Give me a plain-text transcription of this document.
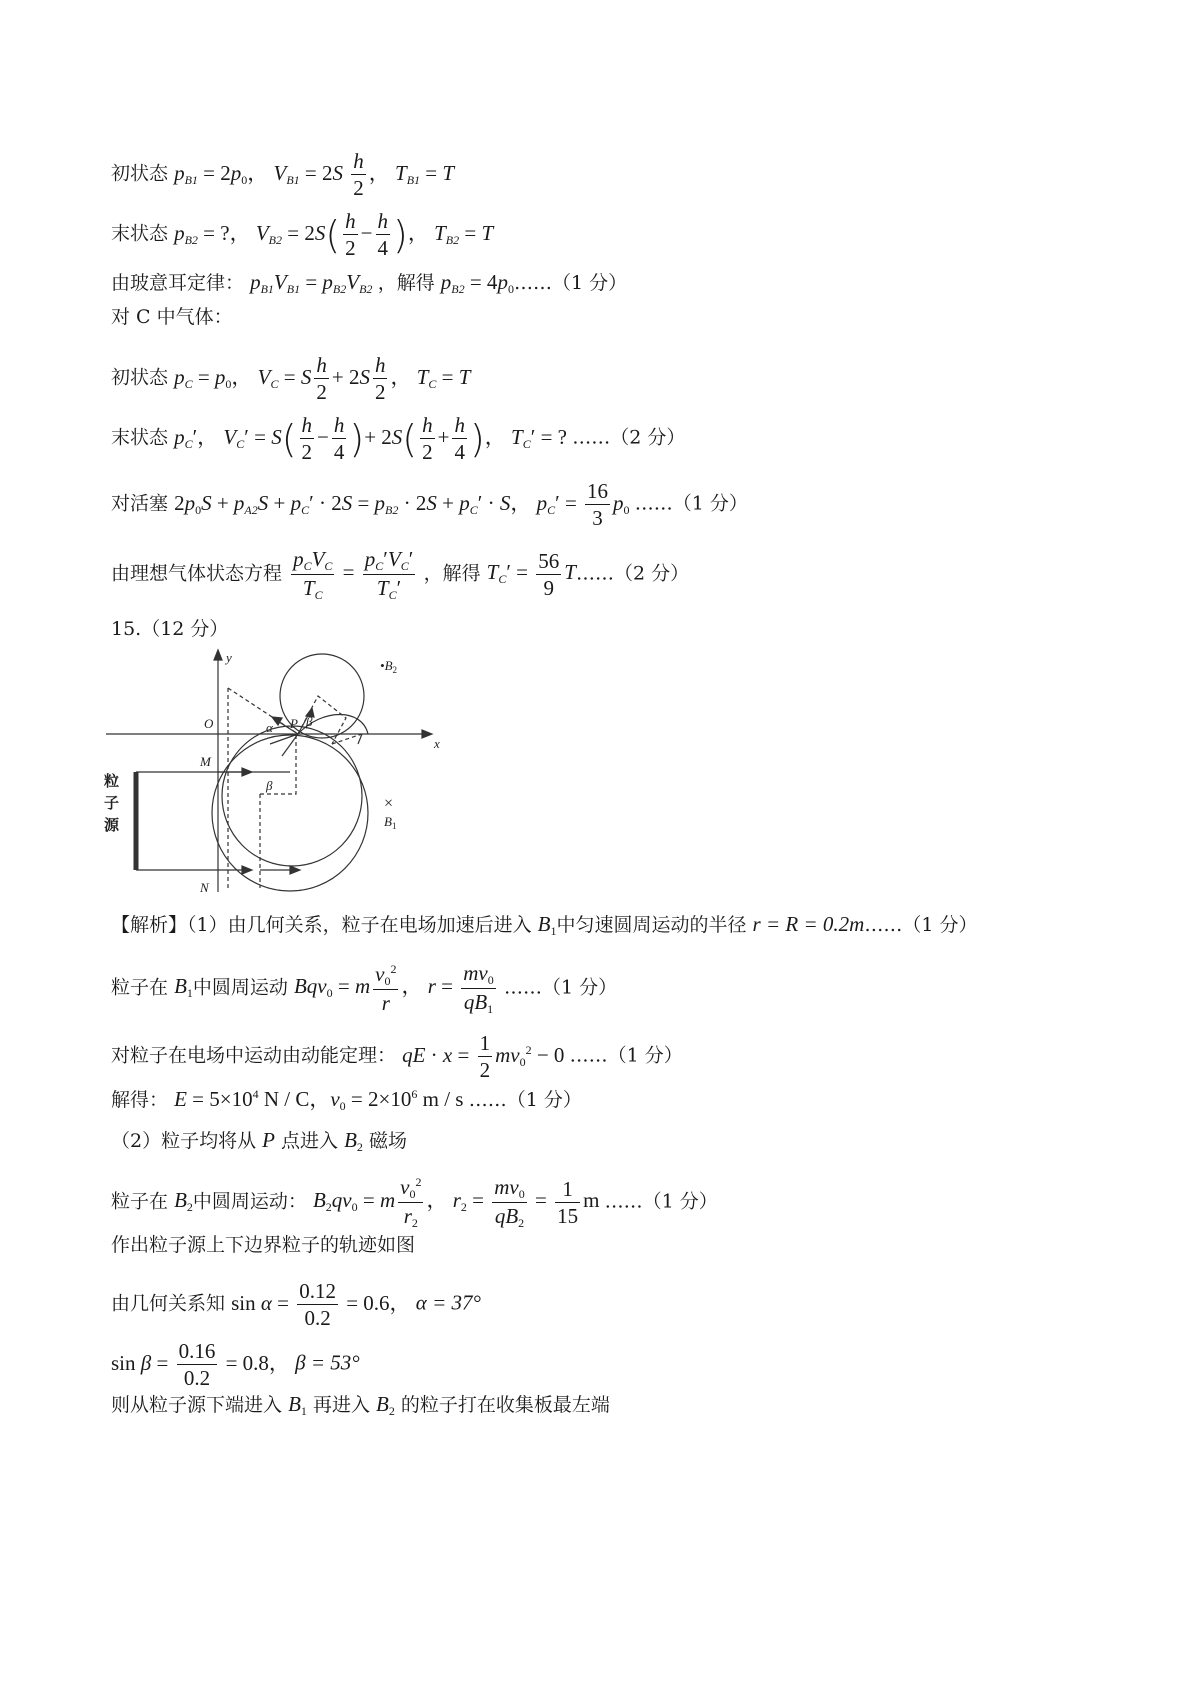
初状态 $p_{B1} = 2p_0$， $V_{B1} = 2S \frac{h}{2}$ ， $T_{B1} = T$
末状态 $p_{B2}$ = ?， $V_{B2} = 2S( \frac{h}{2} - \frac{h}{4}$ )， $T_{B2} = T$
由玻意耳定律： $p_{B1}V_{B1} = p_{B2}V_{B2}$ ，解得 $p_{B2}$ = $4p_0\dots\dots(1$ 分）
对 C 中气体：
初状态 $p_C = p_0$， $V_C = S \frac{h}{2} + 2S \frac{h}{2}$ ， $T_C = T$
末状态 $p_C'$， $V_C' = S( \frac{h}{2} - \frac{h}{4}$ )+ $2S( \frac{h}{2} + \frac{h}{4}$ )， $T_C'$ = ? ……（2 分）
对活塞 $2p_0S + p_{A2}S + p_C' \cdot 2S = p_{B2} \cdot 2S + p_C' \cdot S$， $p_C' = \frac{16}{3} p_0$ ……（1 分）
由理想气体状态方程 $\frac{p_CV_C}{T_C} = \frac{p_C'V_C'}{T_C'}$ ，解得 $T_C' = \frac{56}{9}$ T……（2 分）
15.（12 分）
y
x
O
M
N
P
α	β
β
$•B_2$
×
$B_1$
粒子源
【解析】（1）由几何关系，粒子在电场加速后进入 $B_1$中匀速圆周运动的半径 r = R = 0.2m……（1 分）
粒子在 $B_1$中圆周运动 Bqv$_0$ = m $\frac{v_0^2}{r}$ ， $r = \frac{mv_0}{qB_1}$ ……（1 分）
对粒子在电场中运动由动能定理： qE · $x = \frac{1}{2} mv_0^2 - 0$ ……（1 分）
解得： $E = 5\times 10^4$ N / C，$v_0 = 2\times 10^6$ m / s ……（1 分）
（2）粒子均将从 P 点进入 $B_2$ 磁场
粒子在 $B_2$中圆周运动： $B_2qv_0 = m \frac{v_0^2}{r_2}$ ， $r_2 = \frac{mv_0}{qB_2} = \frac{1}{15}$ m ……（1 分）
作出粒子源上下边界粒子的轨迹如图
由几何关系知 $\sin \alpha = \frac{0.12}{0.2} = 0.6$， α = 37°
$\sin \beta = \frac{0.16}{0.2} = 0.8$， β = 53°
则从粒子源下端进入 $B_1$ 再进入 $B_2$ 的粒子打在收集板最左端
